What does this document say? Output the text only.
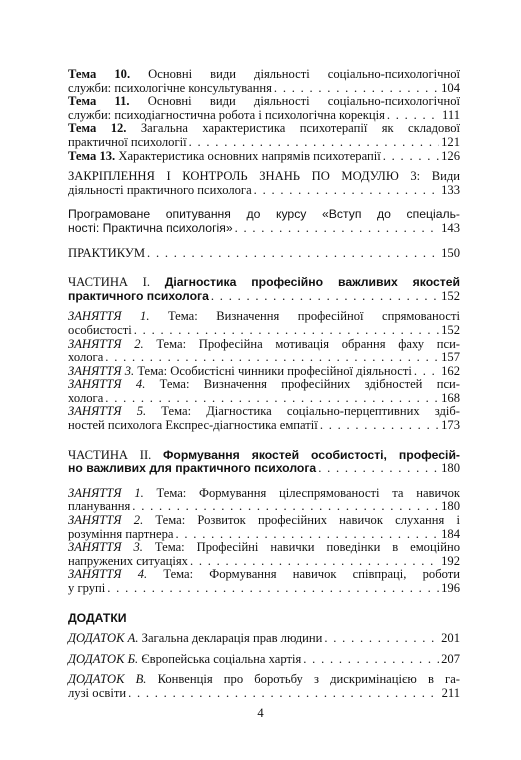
Тема 10. Основні види діяльності соціально-психологічної
служби: психологічне консультування . . .	104
Тема 11. Основні види діяльності соціально-психологічної
служби: психодіагностична робота і психологічна корекція . . .	111
Тема 12. Загальна характеристика психотерапії як складової
практичної психології . . .	121
Тема 13. Характеристика основних напрямів психотерапії . . .	126
ЗАКРІПЛЕННЯ І КОНТРОЛЬ ЗНАНЬ ПО МОДУЛЮ 3: Види
діяльності практичного психолога . . .	133
Програмоване опитування до курсу «Вступ до спеціаль-
ності: Практична психологія» . . .	143
ПРАКТИКУМ . . .	150
ЧАСТИНА І. Діагностика професійно важливих якостей
практичного психолога . . .	152
ЗАНЯТТЯ 1. Тема: Визначення професійної спрямованості
особистості . . .	152
ЗАНЯТТЯ 2. Тема: Професійна мотивація обрання фаху пси-
холога . . .	157
ЗАНЯТТЯ 3. Тема: Особистісні чинники професійної діяльності . . . 162
ЗАНЯТТЯ 4. Тема: Визначення професійних здібностей пси-
холога . . .	168
ЗАНЯТТЯ 5. Тема: Діагностика соціально-перцептивних здіб-
ностей психолога Експрес-діагностика емпатії . . .	173
ЧАСТИНА ІІ. Формування якостей особистості, професій-
но важливих для практичного психолога . . .	180
ЗАНЯТТЯ 1. Тема: Формування цілеспрямованості та навичок
планування . . .	180
ЗАНЯТТЯ 2. Тема: Розвиток професійних навичок слухання і
розуміння партнера . . .	184
ЗАНЯТТЯ 3. Тема: Професійні навички поведінки в емоційно
напружених ситуаціях . . .	192
ЗАНЯТТЯ 4. Тема: Формування навичок співпраці, роботи
у групі . . .	196
ДОДАТКИ
ДОДАТОК А. Загальна декларація прав людини . . .	201
ДОДАТОК Б. Європейська соціальна хартія . . .	207
ДОДАТОК В. Конвенція про боротьбу з дискримінацією в га-
лузі освіти . . .	211
4
